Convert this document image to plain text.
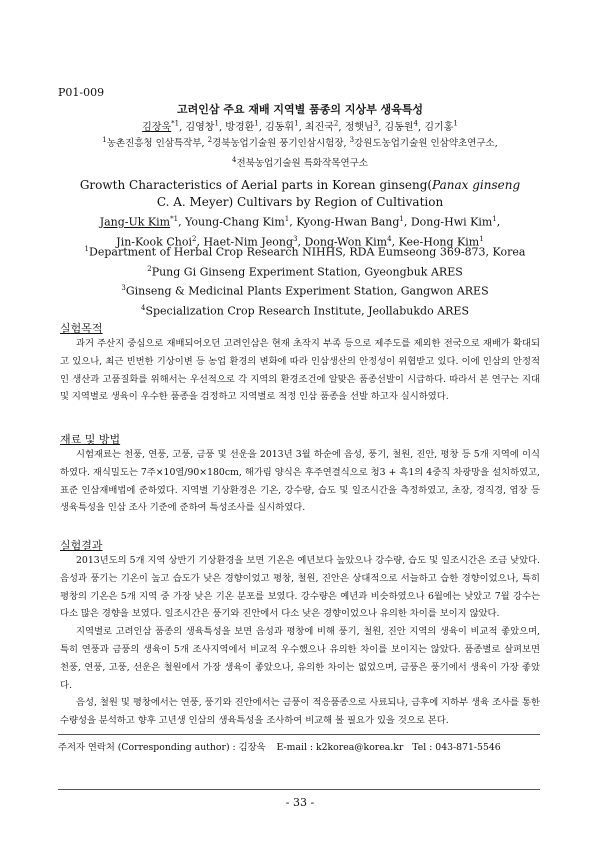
P01-009
고려인삼 주요 재배 지역별 품종의 지상부 생육특성
김장욱$^{*1}$, 김영창$^1$, 방경환$^1$, 김동휘$^1$, 최진국$^2$, 정햇님$^3$, 김동원$^4$, 김기홍$^1$
$^1$농촌진흥청 인삼특작부, $^2$경북농업기술원 풍기인삼시험장, $^3$강원도농업기술원 인삼약초연구소,
$^4$전북농업기술원 특화작목연구소
Growth Characteristics of Aerial parts in Korean ginseng(Panax ginseng
C. A. Meyer) Cultivars by Region of Cultivation
Jang-Uk Kim$^{*1}$, Young-Chang Kim$^1$, Kyong-Hwan Bang$^1$, Dong-Hwi Kim$^1$,
Jin-Kook Choi$^2$, Haet-Nim Jeong$^3$, Dong-Won Kim$^4$, Kee-Hong Kim$^1$
$^1$Department of Herbal Crop Research NIHHS, RDA Eumseong 369-873, Korea
$^2$Pung Gi Ginseng Experiment Station, Gyeongbuk ARES
$^3$Ginseng & Medicinal Plants Experiment Station, Gangwon ARES
$^4$Specialization Crop Research Institute, Jeollabukdo ARES
실험목적

과거 주산지 중심으로 재배되어오던 고려인삼은 현재 초작지 부족 등으로 제주도를 제외한 전국으로 재배가 확대되고 있으나, 최근 빈번한 기상이변 등 농업 환경의 변화에 따라 인삼생산의 안정성이 위협받고 있다. 이에 인삼의 안정적인 생산과 고품질화를 위해서는 우선적으로 각 지역의 환경조건에 알맞은 품종선발이 시급하다. 따라서 본 연구는 지대 및 지역별로 생육이 우수한 품종을 검정하고 지역별로 적정 인삼 품종을 선발 하고자 실시하였다.

재료 및 방법

시험재료는 천풍, 연풍, 고풍, 금풍 및 선운을 2013년 3월 하순에 음성, 풍기, 철원, 진안, 평창 등 5개 지역에 이식하였다. 재식밀도는 7주×10열/90×180cm, 해가림 양식은 후주연결식으로 청3 + 흑1의 4중직 차광망을 설치하였고, 표준 인삼재배법에 준하였다. 지역별 기상환경은 기온, 강수량, 습도 및 일조시간을 측정하였고, 초장, 경직경, 엽장 등 생육특성을 인삼 조사 기준에 준하여 특성조사를 실시하였다.

실험결과

2013년도의 5개 지역 상반기 기상환경을 보면 기온은 예년보다 높았으나 강수량, 습도 및 일조시간은 조금 낮았다. 음성과 풍기는 기온이 높고 습도가 낮은 경향이었고 평창, 철원, 진안은 상대적으로 서늘하고 습한 경향이었으나, 특히 평창의 기온은 5개 지역 중 가장 낮은 기온 분포를 보였다. 강수량은 예년과 비슷하였으나 6월에는 낮았고 7월 강수는 다소 많은 경향을 보였다. 일조시간은 풍기와 진안에서 다소 낮은 경향이었으나 유의한 차이를 보이지 않았다.

지역별로 고려인삼 품종의 생육특성을 보면 음성과 평창에 비해 풍기, 철원, 진안 지역의 생육이 비교적 좋았으며, 특히 연풍과 금풍의 생육이 5개 조사지역에서 비교적 우수했으나 유의한 차이를 보이지는 않았다. 품종별로 살펴보면 천풍, 연풍, 고풍, 선운은 철원에서 가장 생육이 좋았으나, 유의한 차이는 없었으며, 금풍은 풍기에서 생육이 가장 좋았다.

음성, 철원 및 평창에서는 연풍, 풍기와 진안에서는 금풍이 적응품종으로 사료되나, 금후에 지하부 생육 조사를 통한 수량성을 분석하고 향후 고년생 인삼의 생육특성을 조사하여 비교해 볼 필요가 있을 것으로 본다.

주저자 연락처 (Corresponding author) : 김장욱 E-mail : k2korea@korea.kr Tel : 043-871-5546
- 33 -
